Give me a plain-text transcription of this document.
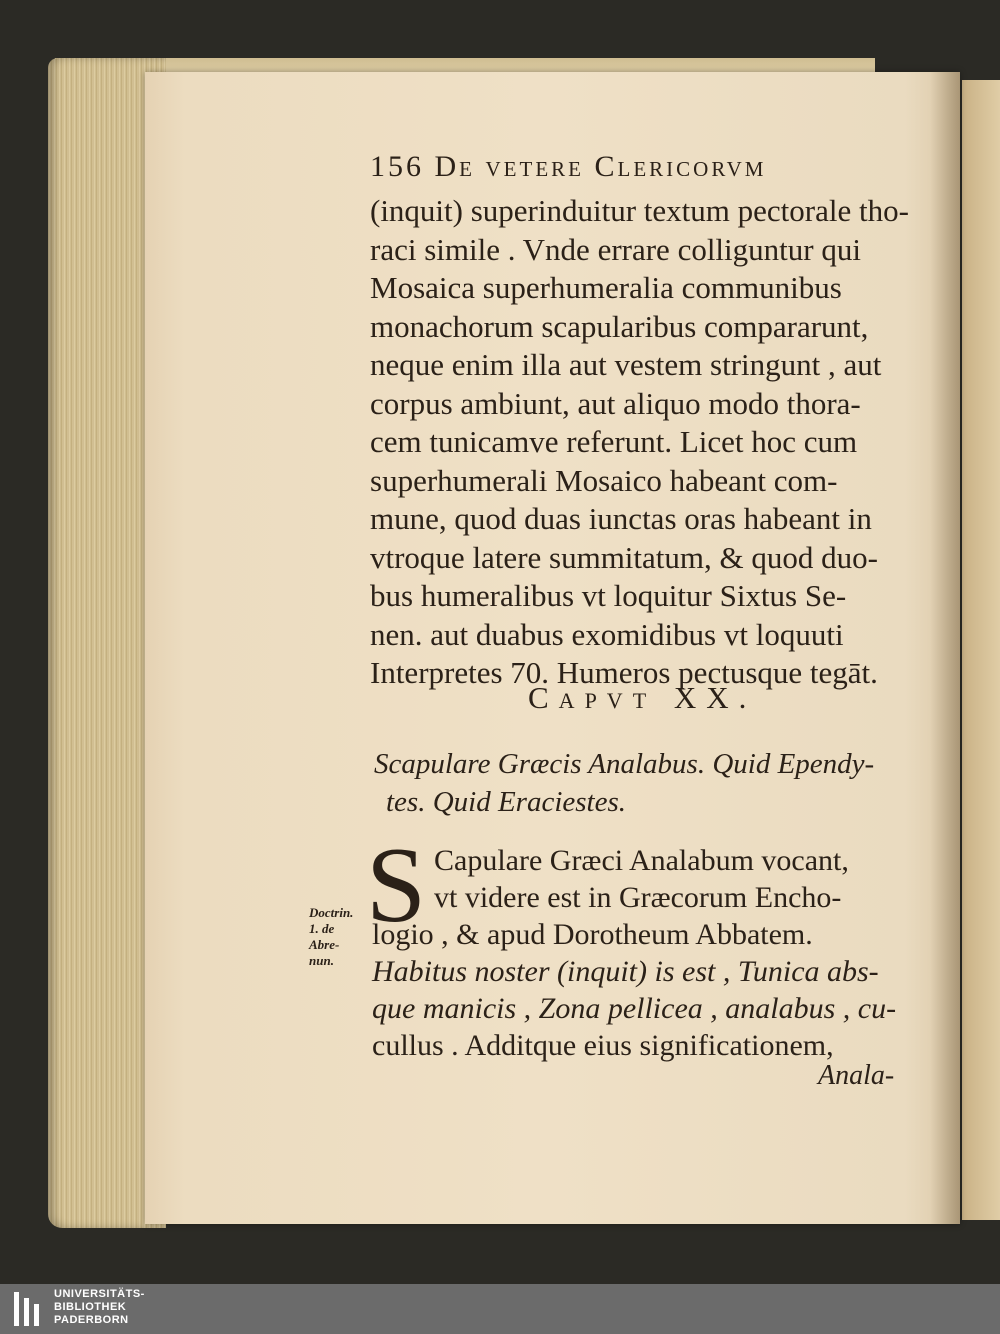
156 De vetere Clericorvm
(inquit) superinduitur textum pectorale tho-
raci simile . Vnde errare colliguntur qui
Mosaica superhumeralia communibus
monachorum scapularibus compararunt,
neque enim illa aut vestem stringunt , aut
corpus ambiunt, aut aliquo modo thora-
cem tunicamve referunt. Licet hoc cum
superhumerali Mosaico habeant com-
mune, quod duas iunctas oras habeant in
vtroque latere summitatum, & quod duo-
bus humeralibus vt loquitur Sixtus Se-
nen. aut duabus exomidibus vt loquuti
Interpretes 70. Humeros pectusque tegāt.
Capvt XX.
Scapulare Græcis Analabus. Quid Ependy-
tes. Quid Eraciestes.
S Capulare Græci Analabum vocant,
vt videre est in Græcorum Encho-
logio , & apud Dorotheum Abbatem.
Habitus noster (inquit) is est , Tunica abs-
que manicis , Zona pellicea , analabus , cu-
cullus . Additque eius significationem,
Doctrin.
1. de
Abre-
nun.
Anala-
UNIVERSITÄTS-
BIBLIOTHEK
PADERBORN
